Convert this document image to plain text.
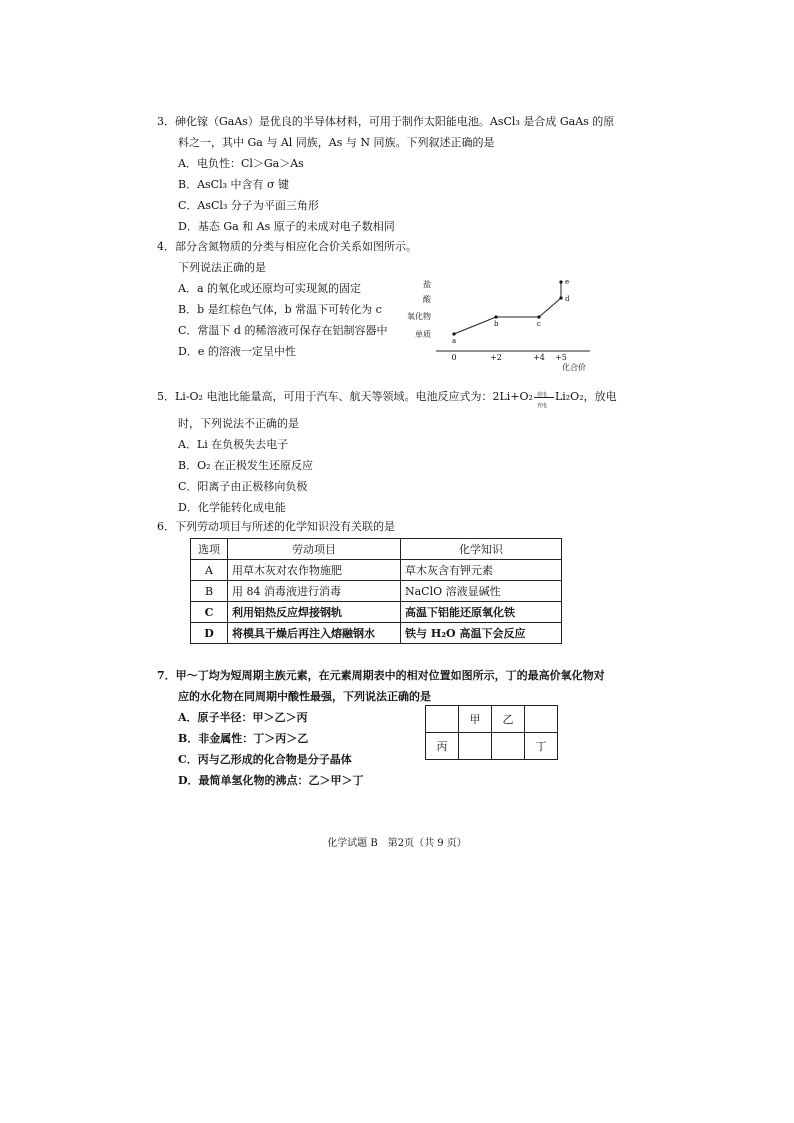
3．砷化镓（GaAs）是优良的半导体材料，可用于制作太阳能电池。AsCl₃ 是合成 GaAs 的原
料之一，其中 Ga 与 Al 同族，As 与 N 同族。下列叙述正确的是
A．电负性：Cl＞Ga＞As
B．AsCl₃ 中含有 σ 键
C．AsCl₃ 分子为平面三角形
D．基态 Ga 和 As 原子的未成对电子数相同
4．部分含氮物质的分类与相应化合价关系如图所示。
下列说法正确的是
A．a 的氧化或还原均可实现氮的固定
B．b 是红棕色气体，b 常温下可转化为 c
C．常温下 d 的稀溶液可保存在铝制容器中
D．e 的溶液一定呈中性
盐
酸
氧化物
单质
0	+2	+4 +5
化合价
a
b	c
d
e
5．Li-O₂ 电池比能量高，可用于汽车、航天等领域。电池反应式为：2Li+O₂ 放电
充电
Li₂O₂，放电
时，下列说法不正确的是
A．Li 在负极失去电子
B．O₂ 在正极发生还原反应
C．阳离子由正极移向负极
D．化学能转化成电能
6．下列劳动项目与所述的化学知识没有关联的是
选项	劳动项目	化学知识
A	用草木灰对农作物施肥	草木灰含有钾元素
B	用 84 消毒液进行消毒	NaClO 溶液显碱性
C	利用铝热反应焊接钢轨	高温下铝能还原氧化铁
D	将模具干燥后再注入熔融钢水	铁与 H₂O 高温下会反应
7．甲～丁均为短周期主族元素，在元素周期表中的相对位置如图所示，丁的最高价氧化物对
应的水化物在同周期中酸性最强，下列说法正确的是
A．原子半径：甲＞乙＞丙
B．非金属性：丁＞丙＞乙
C．丙与乙形成的化合物是分子晶体
D．最简单氢化物的沸点：乙＞甲＞丁
	甲	乙	
丙			丁
化学试题 B　第2页（共 9 页）
